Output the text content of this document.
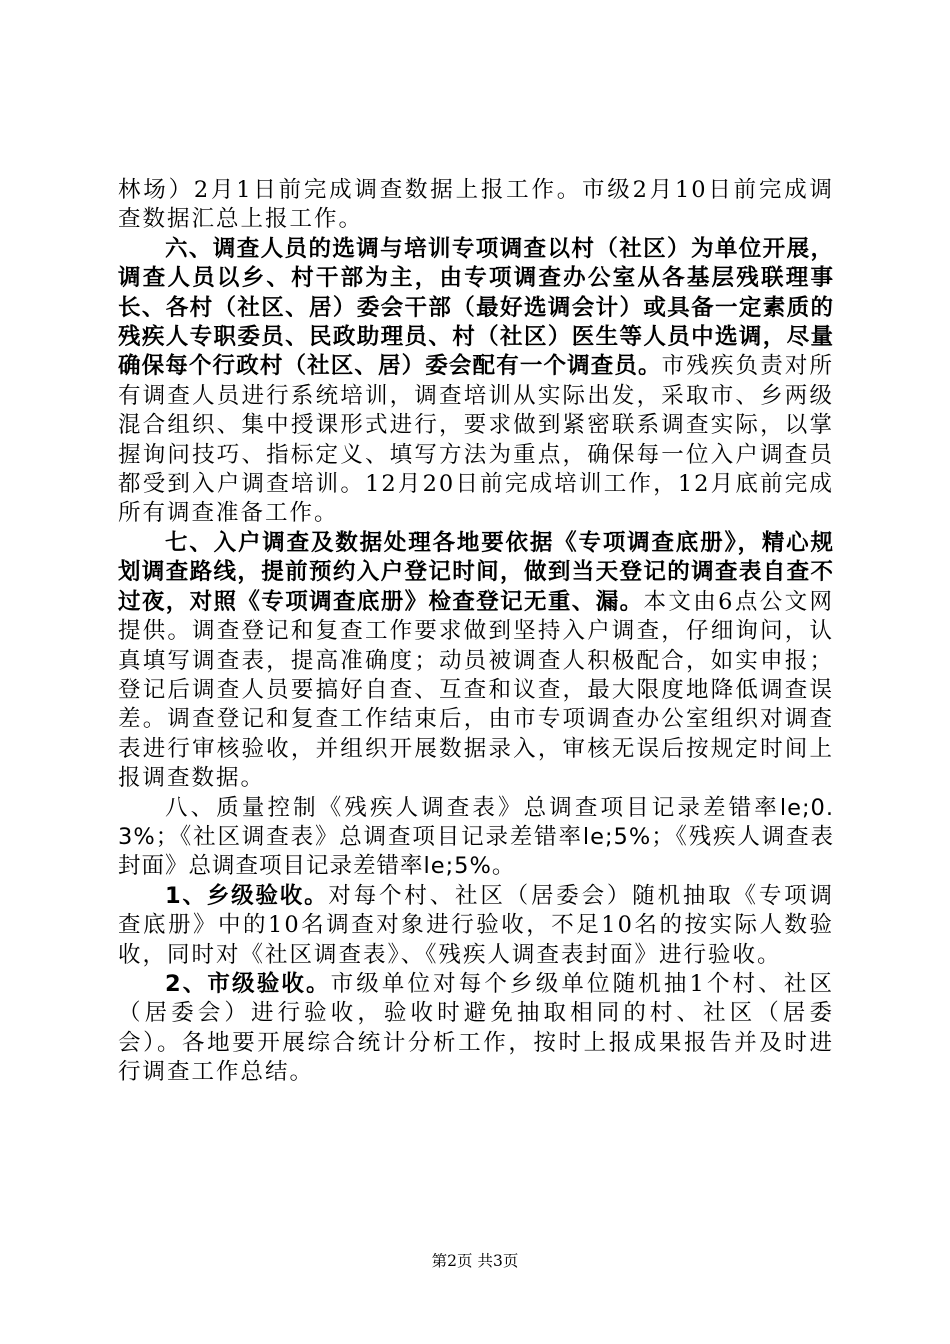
林场）2月1日前完成调查数据上报工作。市级2月10日前完成调查数据汇总上报工作。

六、调查人员的选调与培训专项调查以村（社区）为单位开展，调查人员以乡、村干部为主，由专项调查办公室从各基层残联理事长、各村（社区、居）委会干部（最好选调会计）或具备一定素质的残疾人专职委员、民政助理员、村（社区）医生等人员中选调，尽量确保每个行政村（社区、居）委会配有一个调查员。市残疾负责对所有调查人员进行系统培训，调查培训从实际出发，采取市、乡两级混合组织、集中授课形式进行，要求做到紧密联系调查实际，以掌握询问技巧、指标定义、填写方法为重点，确保每一位入户调查员都受到入户调查培训。12月20日前完成培训工作，12月底前完成所有调查准备工作。

七、入户调查及数据处理各地要依据《专项调查底册》，精心规划调查路线，提前预约入户登记时间，做到当天登记的调查表自查不过夜，对照《专项调查底册》检查登记无重、漏。本文由6点公文网提供。调查登记和复查工作要求做到坚持入户调查，仔细询问，认真填写调查表，提高准确度；动员被调查人积极配合，如实申报；登记后调查人员要搞好自查、互查和议查，最大限度地降低调查误差。调查登记和复查工作结束后，由市专项调查办公室组织对调查表进行审核验收，并组织开展数据录入，审核无误后按规定时间上报调查数据。

八、质量控制《残疾人调查表》总调查项目记录差错率le;0.3%；《社区调查表》总调查项目记录差错率le;5%；《残疾人调查表封面》总调查项目记录差错率le;5%。

1、乡级验收。对每个村、社区（居委会）随机抽取《专项调查底册》中的10名调查对象进行验收，不足10名的按实际人数验收，同时对《社区调查表》、《残疾人调查表封面》进行验收。

2、市级验收。市级单位对每个乡级单位随机抽1个村、社区（居委会）进行验收，验收时避免抽取相同的村、社区（居委会）。各地要开展综合统计分析工作，按时上报成果报告并及时进行调查工作总结。

第2页 共3页
